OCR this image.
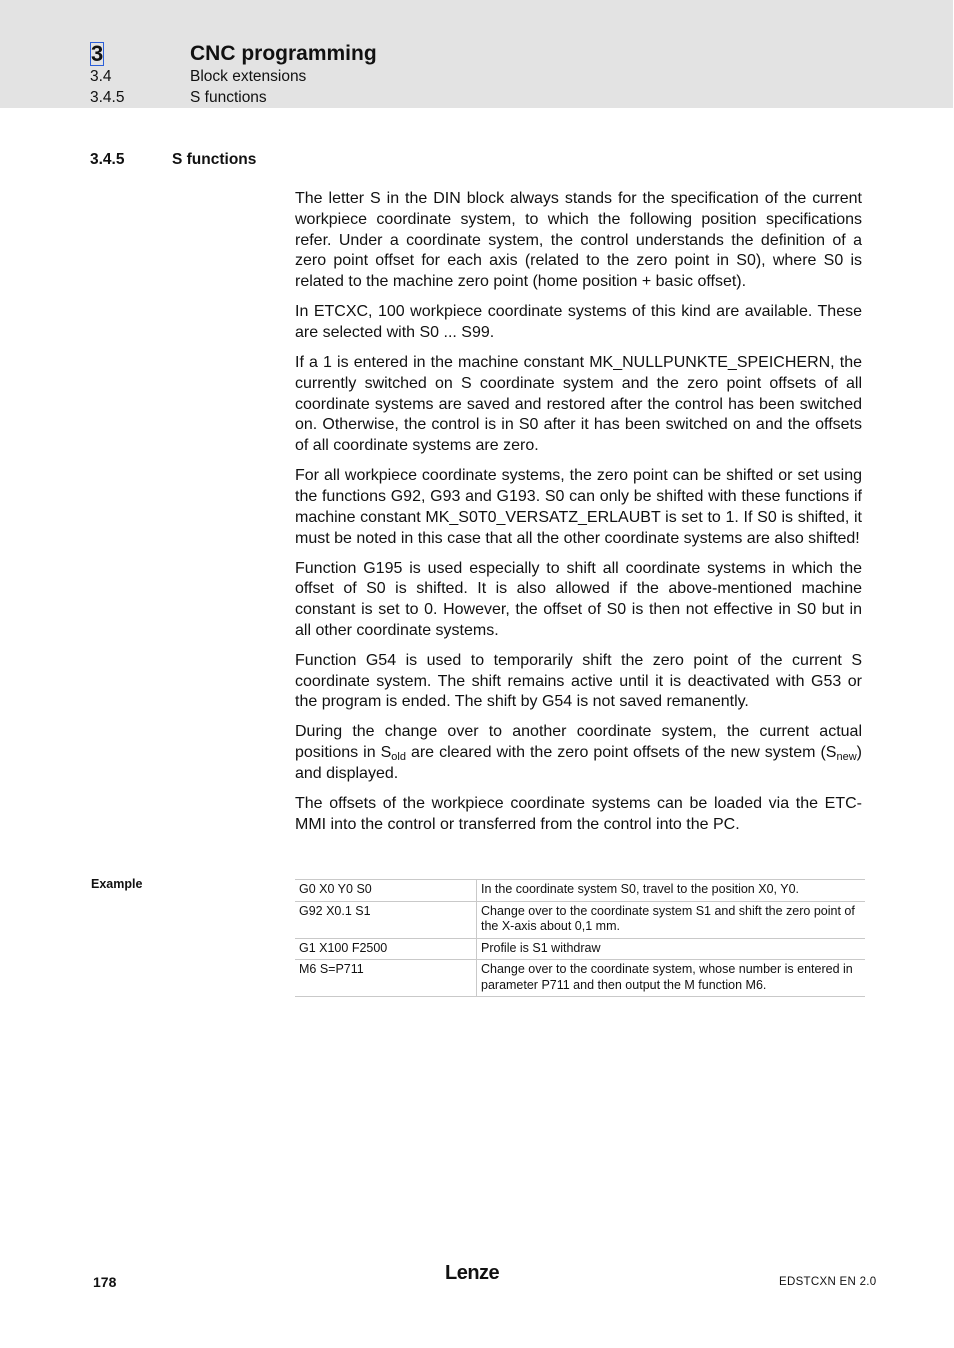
3	CNC programming
3.4	Block extensions
3.4.5	S functions
3.4.5	S functions

The letter S in the DIN block always stands for the specification of the current workpiece coordinate system, to which the following position specifications refer. Under a coordinate system, the control understands the definition of a zero point offset for each axis (related to the zero point in S0), where S0 is related to the machine zero point (home position + basic offset).

In ETCXC, 100 workpiece coordinate systems of this kind are available. These are selected with S0 ... S99.

If a 1 is entered in the machine constant MK_NULLPUNKTE_SPEICHERN, the currently switched on S coordinate system and the zero point offsets of all coordinate systems are saved and restored after the control has been switched on. Otherwise, the control is in S0 after it has been switched on and the offsets of all coordinate systems are zero.

For all workpiece coordinate systems, the zero point can be shifted or set using the functions G92, G93 and G193. S0 can only be shifted with these functions if machine constant MK_S0T0_VERSATZ_ERLAUBT is set to 1. If S0 is shifted, it must be noted in this case that all the other coordinate systems are also shifted!

Function G195 is used especially to shift all coordinate systems in which the offset of S0 is shifted. It is also allowed if the above-mentioned machine constant is set to 0. However, the offset of S0 is then not effective in S0 but in all other coordinate systems.

Function G54 is used to temporarily shift the zero point of the current S coordinate system. The shift remains active until it is deactivated with G53 or the program is ended. The shift by G54 is not saved remanently.

During the change over to another coordinate system, the current actual positions in $S_{old}$ are cleared with the zero point offsets of the new system $(S_{new})$ and displayed.

The offsets of the workpiece coordinate systems can be loaded via the ETC-MMI into the control or transferred from the control into the PC.

Example	G0 X0 Y0 S0	In the coordinate system S0, travel to the position X0, Y0.
G92 X0.1 S1	Change over to the coordinate system S1 and shift the zero point of the X-axis about 0,1 mm.
G1 X100 F2500	Profile is S1 withdraw
M6 S=P711	Change over to the coordinate system, whose number is entered in parameter P711 and then output the M function M6.
178	Lenze	EDSTCXN EN 2.0
